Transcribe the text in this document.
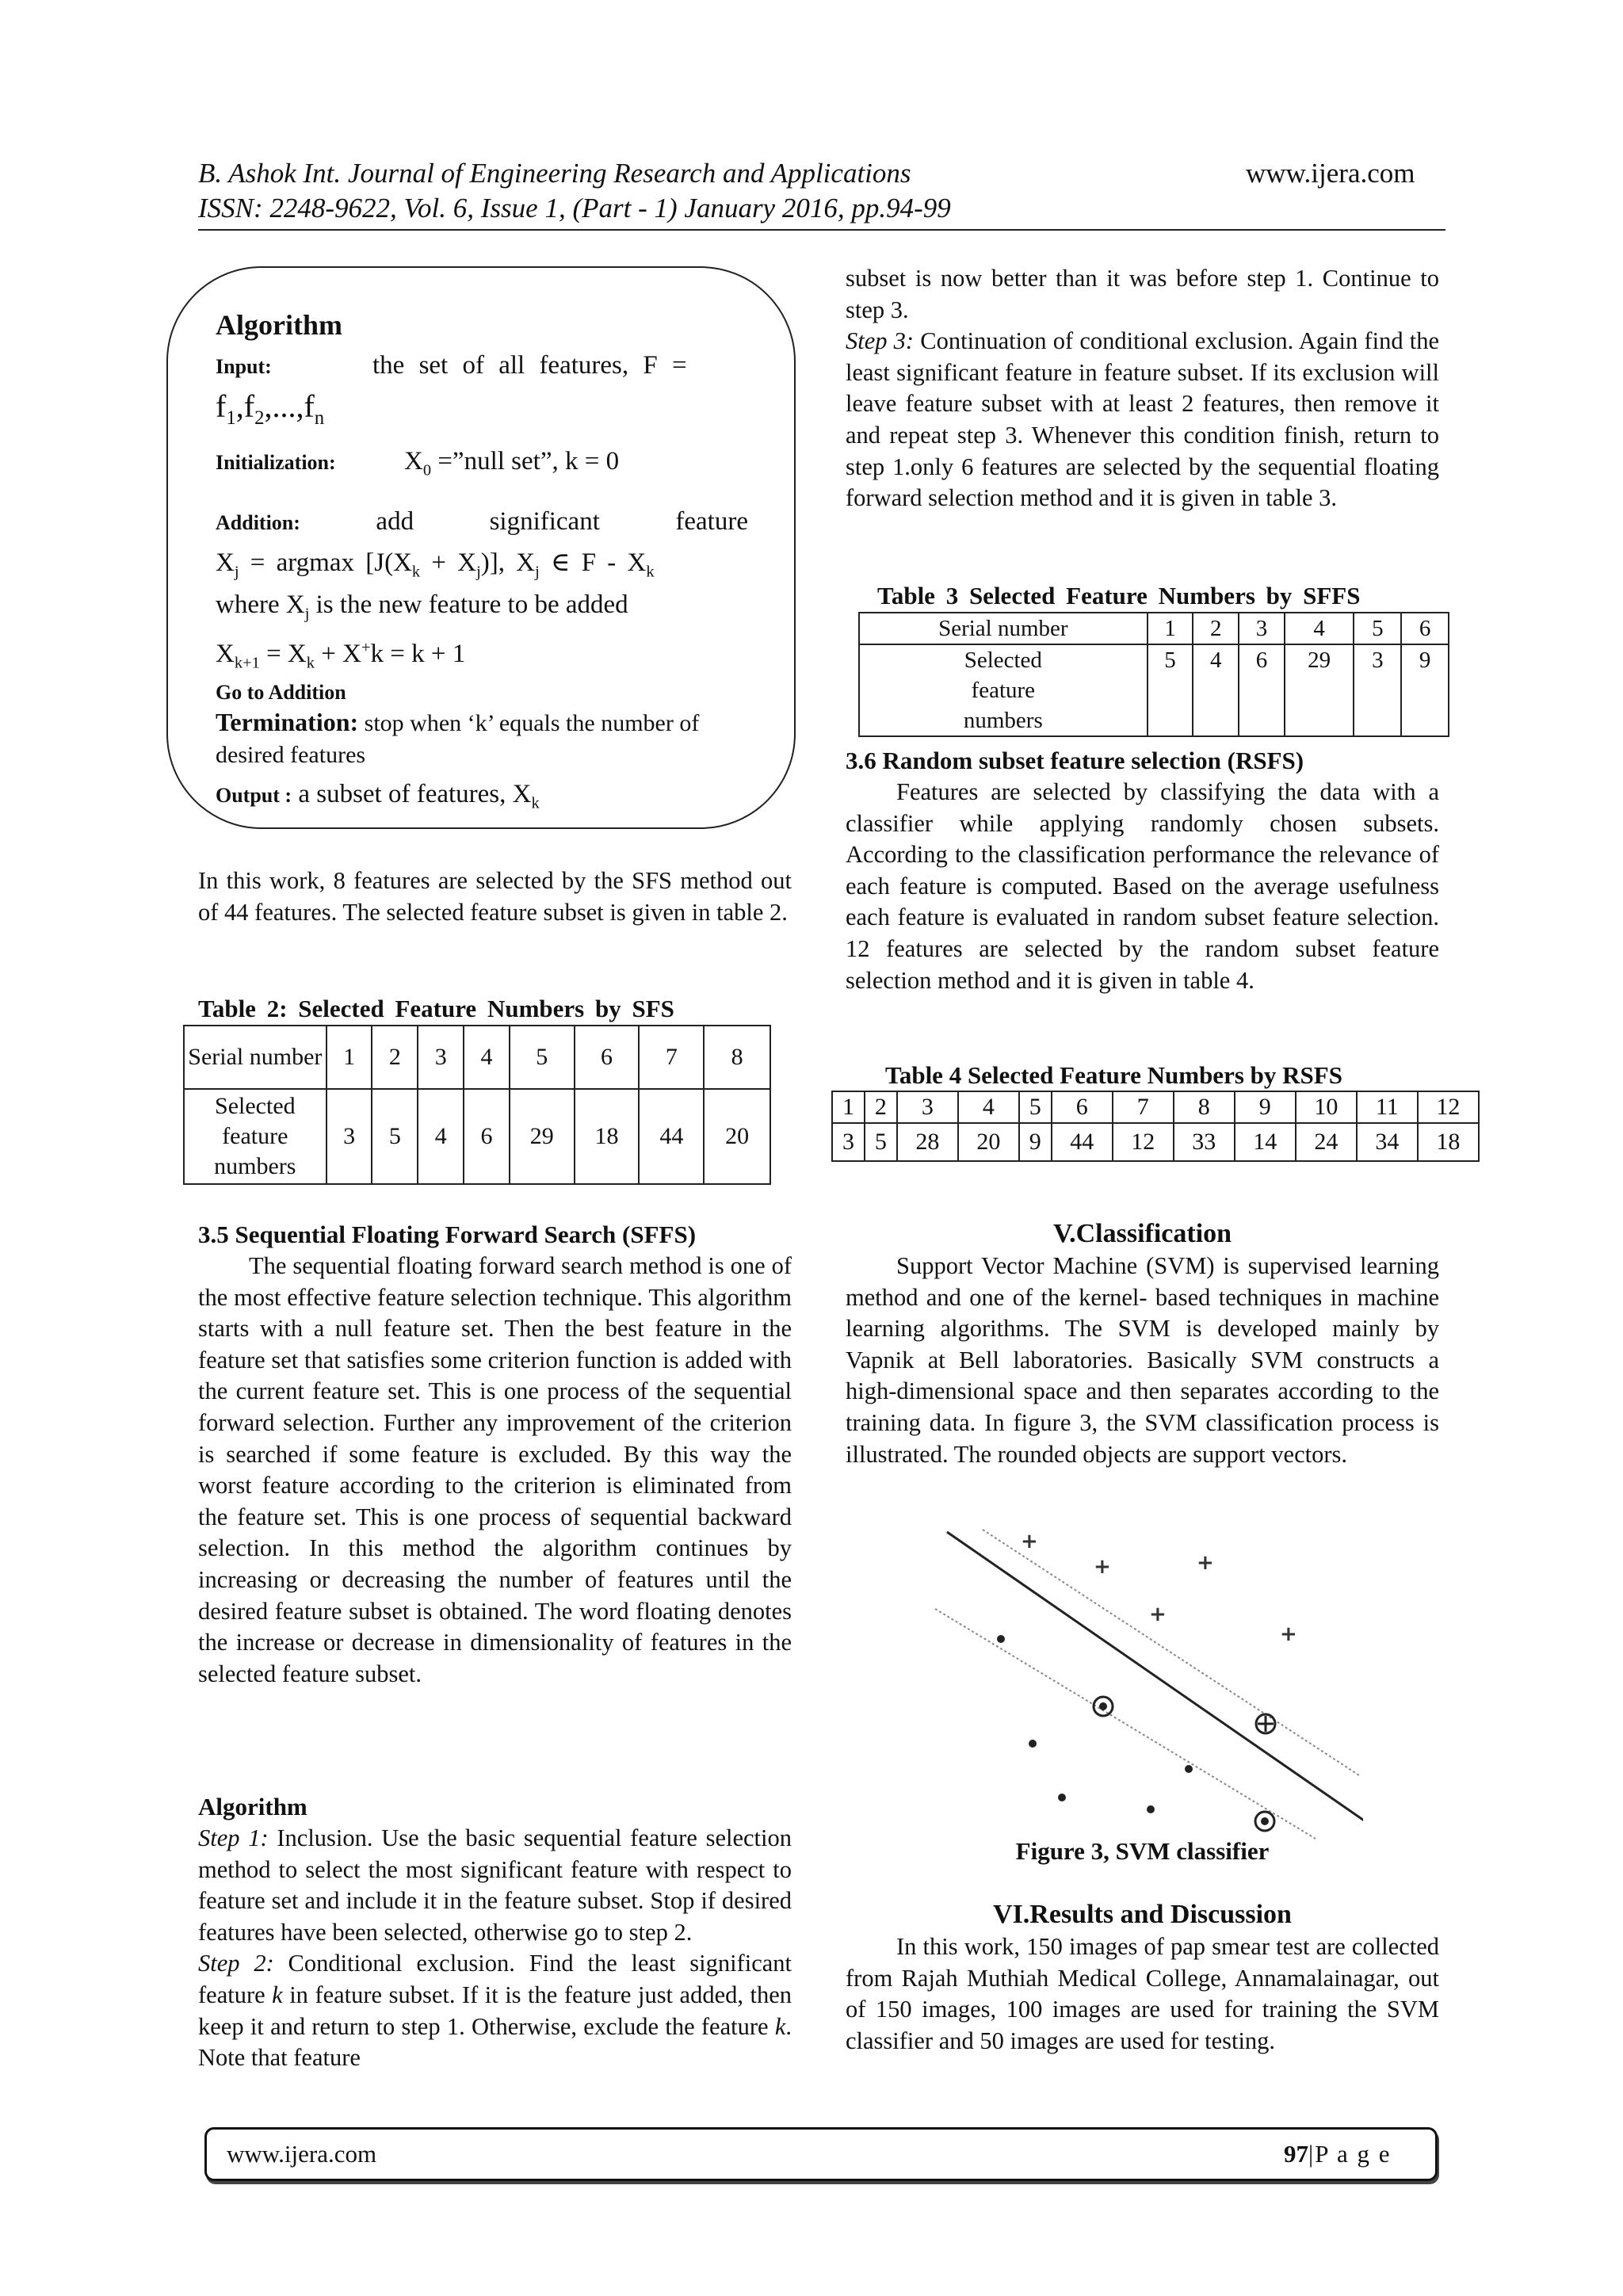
B. Ashok Int. Journal of Engineering Research and Applications	www.ijera.com
ISSN: 2248-9622, Vol. 6, Issue 1, (Part - 1) January 2016, pp.94-99
Algorithm
Input:	the set of all features, F =
$f_1,f_2,...,f_n$
Initialization:	$X_0$ =”null set”, k = 0
Addition:	add	significant	feature
$X_j = argmax$ $[J(X_k + X_j)]$, $X_j$ ∈ F - $X_k$
where $X_j$ is the new feature to be added
$X_{k+1} = X_k + X^+k = k + 1$
Go to Addition
Termination: stop when ‘k’ equals the number of desired features
Output : a subset of features, $X_k$
In this work, 8 features are selected by the SFS method out of 44 features. The selected feature subset is given in table 2.
Table 2: Selected Feature Numbers by SFS
Serial number	1	2	3	4	5	6	7	8
Selected feature numbers	3	5	4	6	29	18	44	20
3.5 Sequential Floating Forward Search (SFFS)
The sequential floating forward search method is one of the most effective feature selection technique. This algorithm starts with a null feature set. Then the best feature in the feature set that satisfies some criterion function is added with the current feature set. This is one process of the sequential forward selection. Further any improvement of the criterion is searched if some feature is excluded. By this way the worst feature according to the criterion is eliminated from the feature set. This is one process of sequential backward selection. In this method the algorithm continues by increasing or decreasing the number of features until the desired feature subset is obtained. The word floating denotes the increase or decrease in dimensionality of features in the selected feature subset.
Algorithm

Step 1: Inclusion. Use the basic sequential feature selection method to select the most significant feature with respect to feature set and include it in the feature subset. Stop if desired features have been selected, otherwise go to step 2.

Step 2: Conditional exclusion. Find the least significant feature k in feature subset. If it is the feature just added, then keep it and return to step 1. Otherwise, exclude the feature k. Note that feature

subset is now better than it was before step 1. Continue to step 3.

Step 3: Continuation of conditional exclusion. Again find the least significant feature in feature subset. If its exclusion will leave feature subset with at least 2 features, then remove it and repeat step 3. Whenever this condition finish, return to step 1.only 6 features are selected by the sequential floating forward selection method and it is given in table 3.

Table 3 Selected Feature Numbers by SFFS
Serial number	1	2	3	4	5	6
Selected feature numbers	5	4	6	29	3	9
3.6 Random subset feature selection (RSFS)
Features are selected by classifying the data with a classifier while applying randomly chosen subsets. According to the classification performance the relevance of each feature is computed. Based on the average usefulness each feature is evaluated in random subset feature selection. 12 features are selected by the random subset feature selection method and it is given in table 4.
Table 4 Selected Feature Numbers by RSFS
1	2	3	4	5	6	7	8	9	10	11	12
3	5	28	20	9	44	12	33	14	24	34	18
V.Classification
Support Vector Machine (SVM) is supervised learning method and one of the kernel- based techniques in machine learning algorithms. The SVM is developed mainly by Vapnik at Bell laboratories. Basically SVM constructs a high-dimensional space and then separates according to the training data. In figure 3, the SVM classification process is illustrated. The rounded objects are support vectors.
+
+	+
+
+
Figure 3, SVM classifier
VI.Results and Discussion
In this work, 150 images of pap smear test are collected from Rajah Muthiah Medical College, Annamalainagar, out of 150 images, 100 images are used for training the SVM classifier and 50 images are used for testing.
www.ijera.com	97|P a g e
